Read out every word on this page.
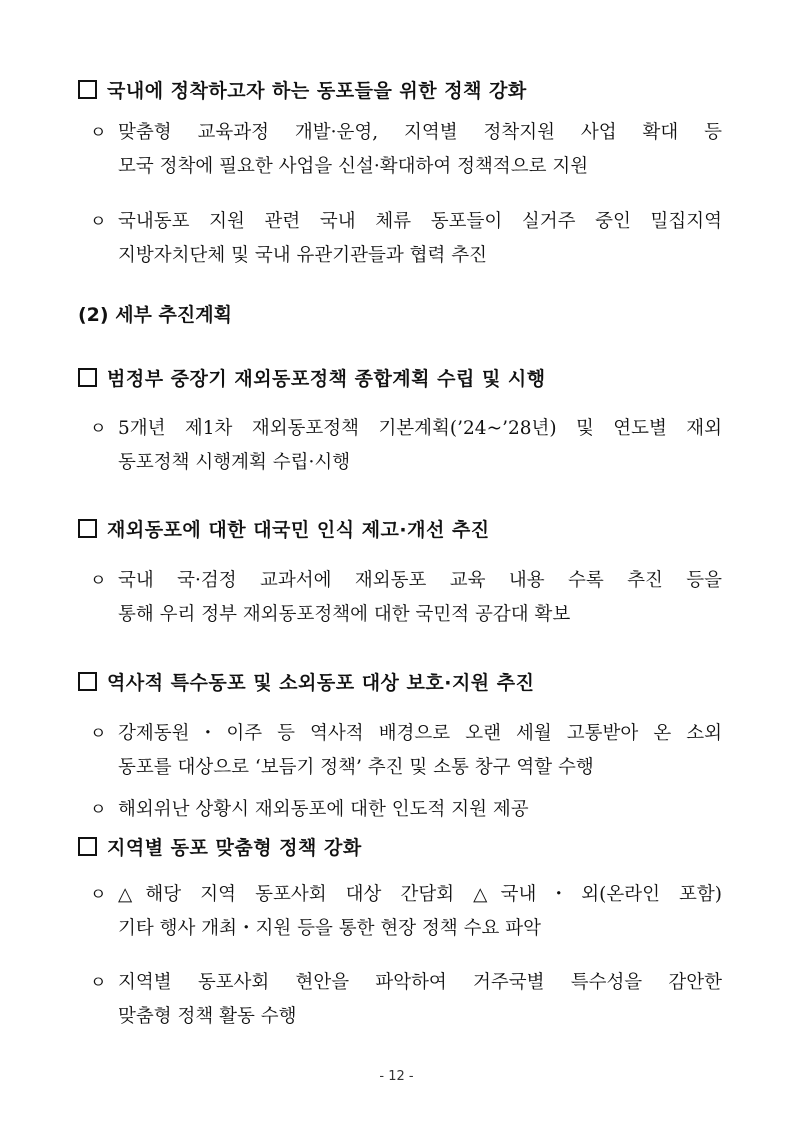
국내에 정착하고자 하는 동포들을 위한 정책 강화
ㅇ 맞춤형 교육과정 개발·운영, 지역별 정착지원 사업 확대 등
모국 정착에 필요한 사업을 신설·확대하여 정책적으로 지원
ㅇ 국내동포 지원 관련 국내 체류 동포들이 실거주 중인 밀집지역
지방자치단체 및 국내 유관기관들과 협력 추진
(2) 세부 추진계획
범정부 중장기 재외동포정책 종합계획 수립 및 시행
ㅇ 5개년 제1차 재외동포정책 기본계획(’24~’28년) 및 연도별 재외
동포정책 시행계획 수립·시행
재외동포에 대한 대국민 인식 제고·개선 추진
ㅇ 국내 국·검정 교과서에 재외동포 교육 내용 수록 추진 등을
통해 우리 정부 재외동포정책에 대한 국민적 공감대 확보
역사적 특수동포 및 소외동포 대상 보호·지원 추진
ㅇ 강제동원・이주 등 역사적 배경으로 오랜 세월 고통받아 온 소외
동포를 대상으로 ‘보듬기 정책’ 추진 및 소통 창구 역할 수행
ㅇ 해외위난 상황시 재외동포에 대한 인도적 지원 제공
지역별 동포 맞춤형 정책 강화
ㅇ △해당 지역 동포사회 대상 간담회 △국내・외(온라인 포함)
기타 행사 개최・지원 등을 통한 현장 정책 수요 파악
ㅇ 지역별 동포사회 현안을 파악하여 거주국별 특수성을 감안한
맞춤형 정책 활동 수행
- 12 -
